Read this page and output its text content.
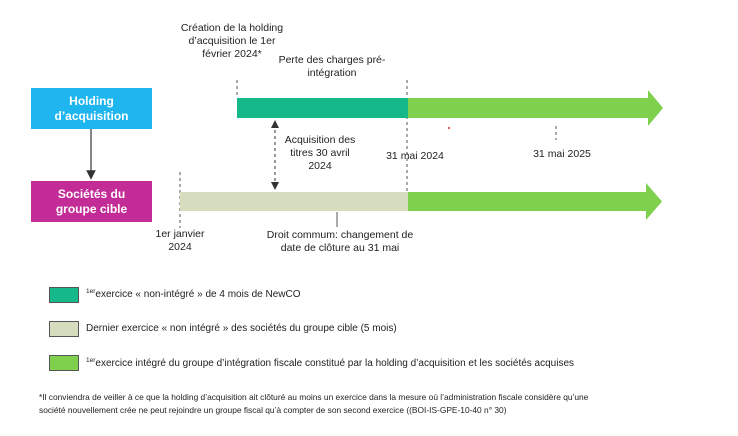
Holding d’acquisition
Sociétés du groupe cible
Création de la holding d’acquisition le 1er février 2024*	Perte des charges pré-intégration
Acquisition des titres 30 avril 2024
31 mai 2024	31 mai 2025
1er janvier 2024
Droit commum: changement de date de clôture au 31 mai
$^{1er}$exercice « non-intégré » de 4 mois de NewCO
Dernier exercice « non intégré » des sociétés du groupe cible (5 mois)
$^{1er}$exercice intégré du groupe d’intégration fiscale constitué par la holding d’acquisition et les sociétés acquises
*Il conviendra de veiller à ce que la holding d’acquisition ait clôturé au moins un exercice dans la mesure où l’administration fiscale considère qu’une
société nouvellement crée ne peut rejoindre un groupe fiscal qu’à compter de son second exercice ((BOI-IS-GPE-10-40 n° 30)
